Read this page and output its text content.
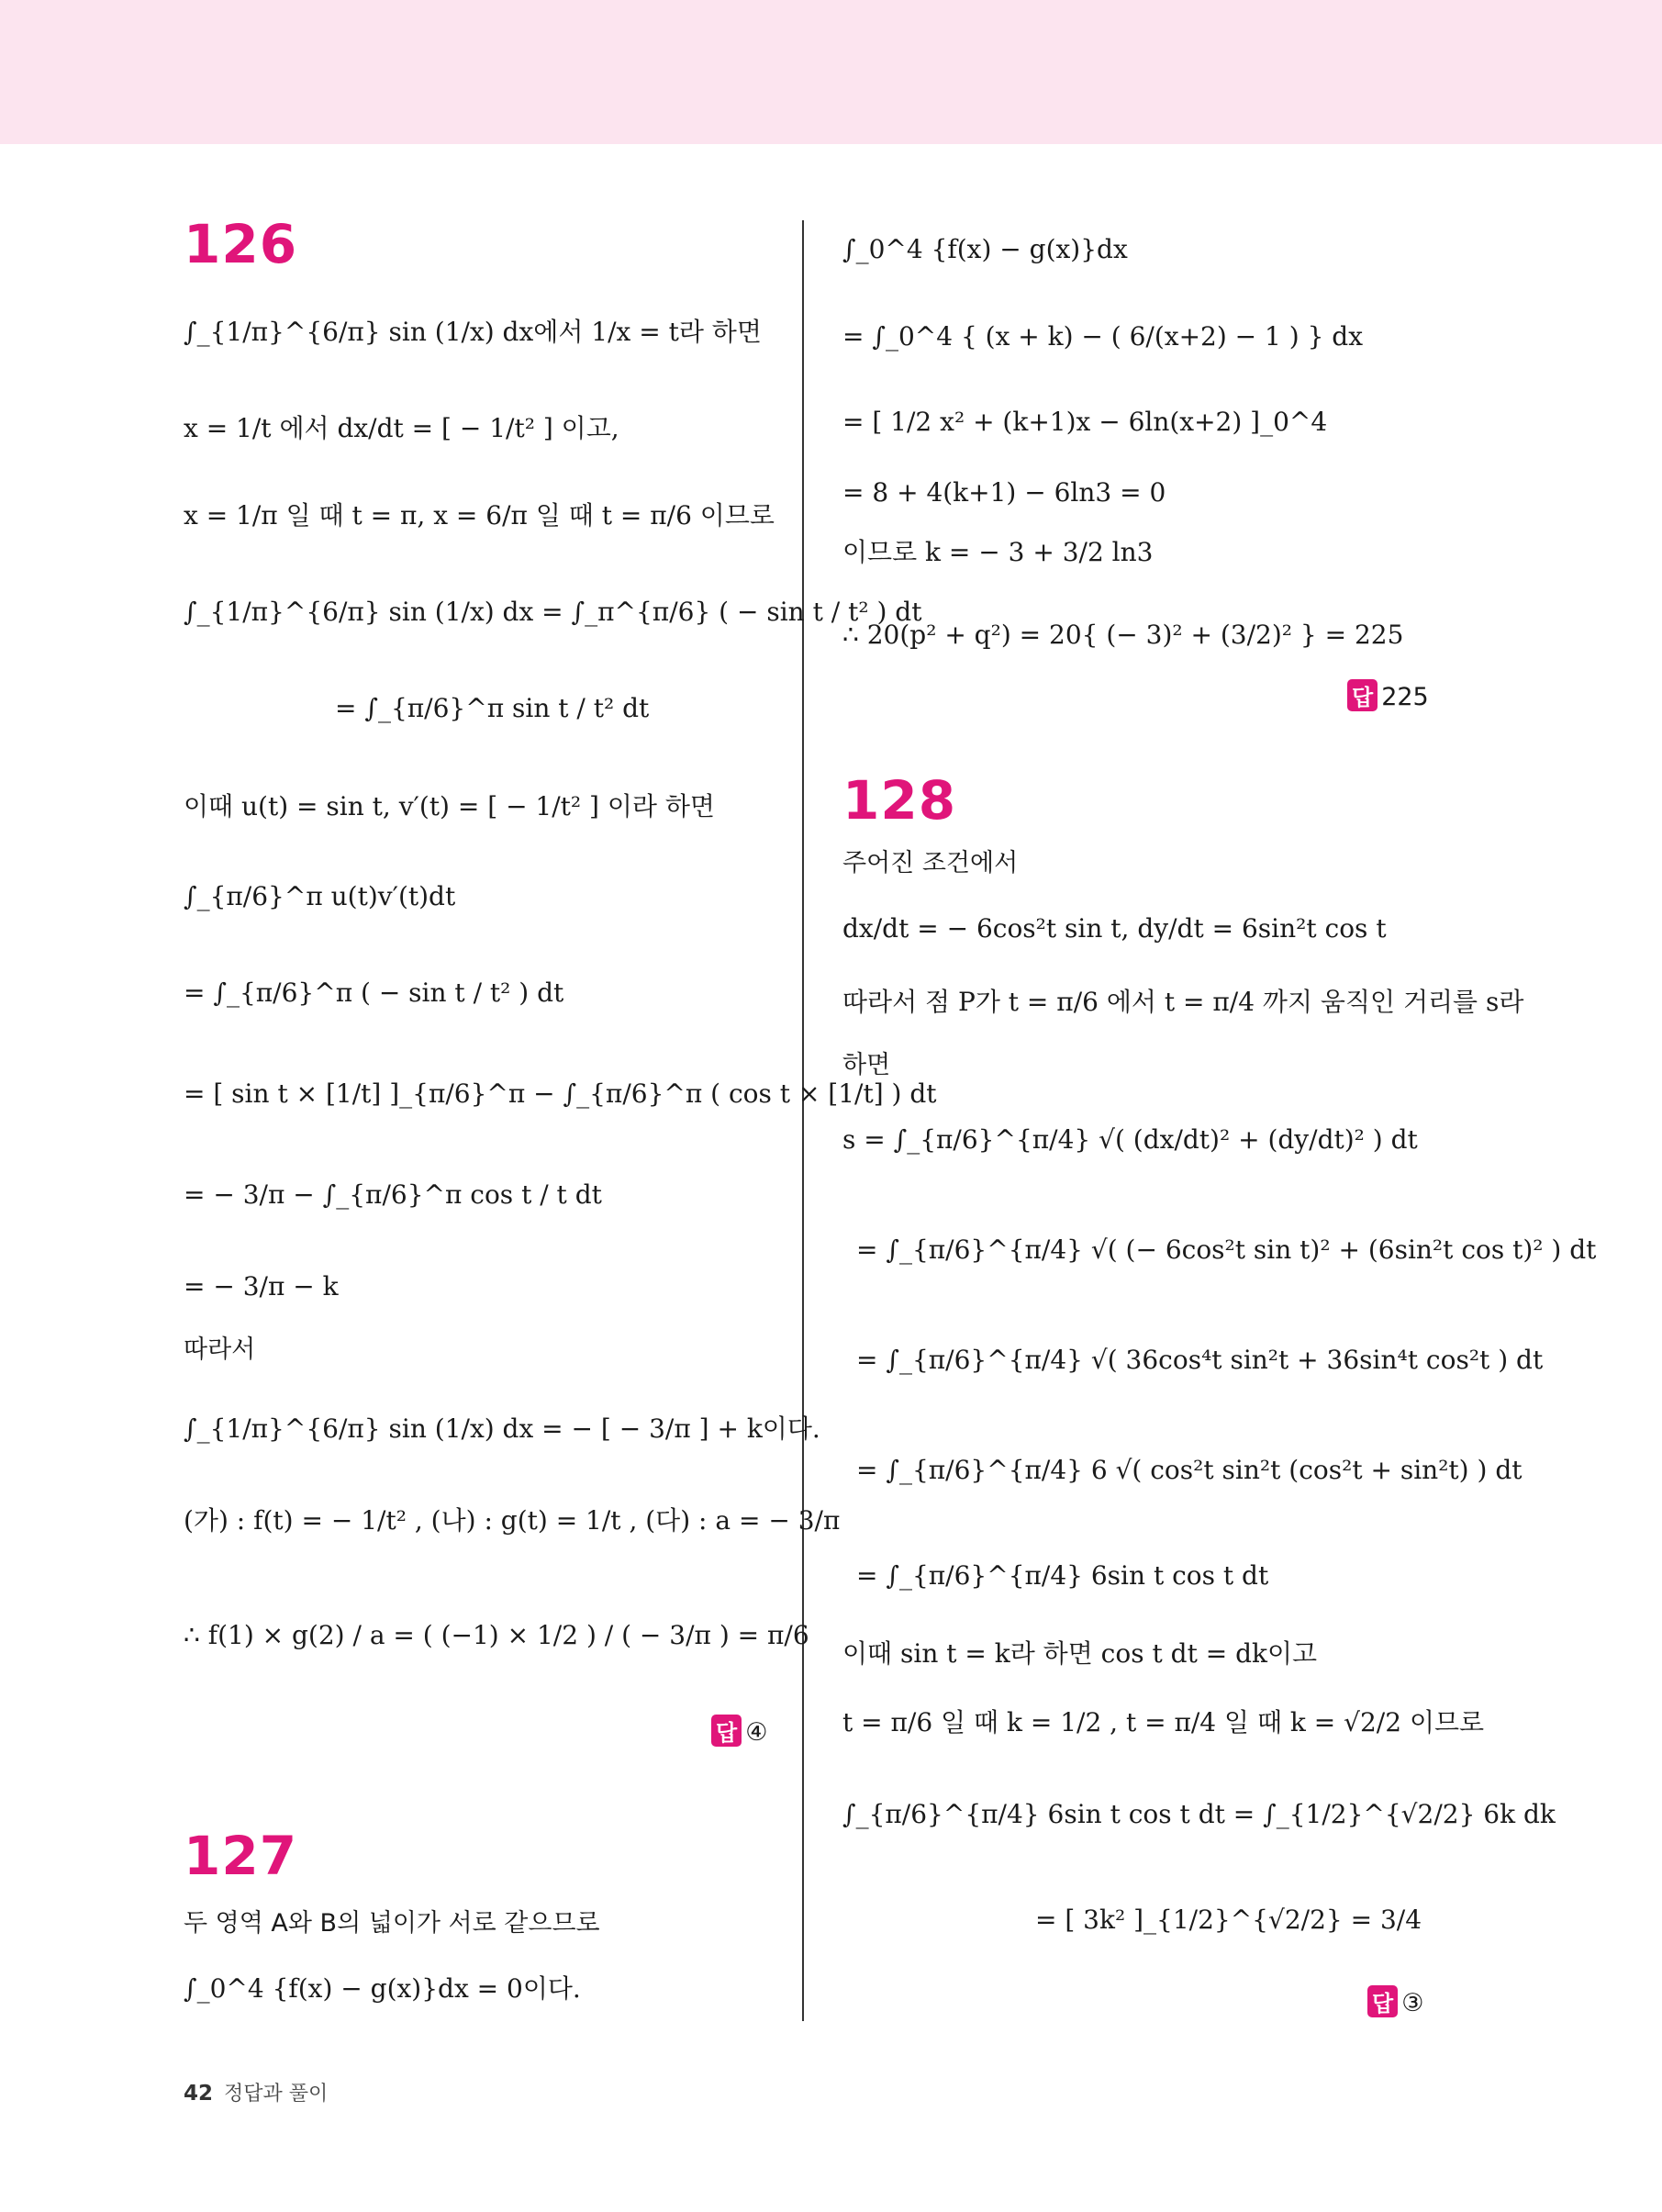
126
∫_{1/π}^{6/π} sin (1/x) dx에서 1/x = t라 하면
x = 1/t 에서 dx/dt = [ − 1/t² ] 이고,
x = 1/π 일 때 t = π, x = 6/π 일 때 t = π/6 이므로
∫_{1/π}^{6/π} sin (1/x) dx = ∫_π^{π/6} ( − sin t / t² ) dt
= ∫_{π/6}^π sin t / t² dt
이때 u(t) = sin t, v′(t) = [ − 1/t² ] 이라 하면
∫_{π/6}^π u(t)v′(t)dt
= ∫_{π/6}^π ( − sin t / t² ) dt
= [ sin t × [1/t] ]_{π/6}^π − ∫_{π/6}^π ( cos t × [1/t] ) dt
= − 3/π − ∫_{π/6}^π cos t / t dt
= − 3/π − k
따라서
∫_{1/π}^{6/π} sin (1/x) dx = − [ − 3/π ] + k이다.
(가) : f(t) = − 1/t² , (나) : g(t) = 1/t , (다) : a = − 3/π
∴ f(1) × g(2) / a = ( (−1) × 1/2 ) / ( − 3/π ) = π/6
답 ④
127
두 영역 A와 B의 넓이가 서로 같으므로
∫_0^4 {f(x) − g(x)}dx = 0이다.
∫_0^4 {f(x) − g(x)}dx
= ∫_0^4 { (x + k) − ( 6/(x+2) − 1 ) } dx
= [ 1/2 x² + (k+1)x − 6ln(x+2) ]_0^4
= 8 + 4(k+1) − 6ln3 = 0
이므로 k = − 3 + 3/2 ln3
∴ 20(p² + q²) = 20{ (− 3)² + (3/2)² } = 225
답 225
128
주어진 조건에서
dx/dt = − 6cos²t sin t, dy/dt = 6sin²t cos t
따라서 점 P가 t = π/6 에서 t = π/4 까지 움직인 거리를 s라
하면
s = ∫_{π/6}^{π/4} √( (dx/dt)² + (dy/dt)² ) dt
= ∫_{π/6}^{π/4} √( (− 6cos²t sin t)² + (6sin²t cos t)² ) dt
= ∫_{π/6}^{π/4} √( 36cos⁴t sin²t + 36sin⁴t cos²t ) dt
= ∫_{π/6}^{π/4} 6 √( cos²t sin²t (cos²t + sin²t) ) dt
= ∫_{π/6}^{π/4} 6sin t cos t dt
이때 sin t = k라 하면 cos t dt = dk이고
t = π/6 일 때 k = 1/2 , t = π/4 일 때 k = √2/2 이므로
∫_{π/6}^{π/4} 6sin t cos t dt = ∫_{1/2}^{√2/2} 6k dk
= [ 3k² ]_{1/2}^{√2/2} = 3/4
답 ③
42 정답과 풀이
